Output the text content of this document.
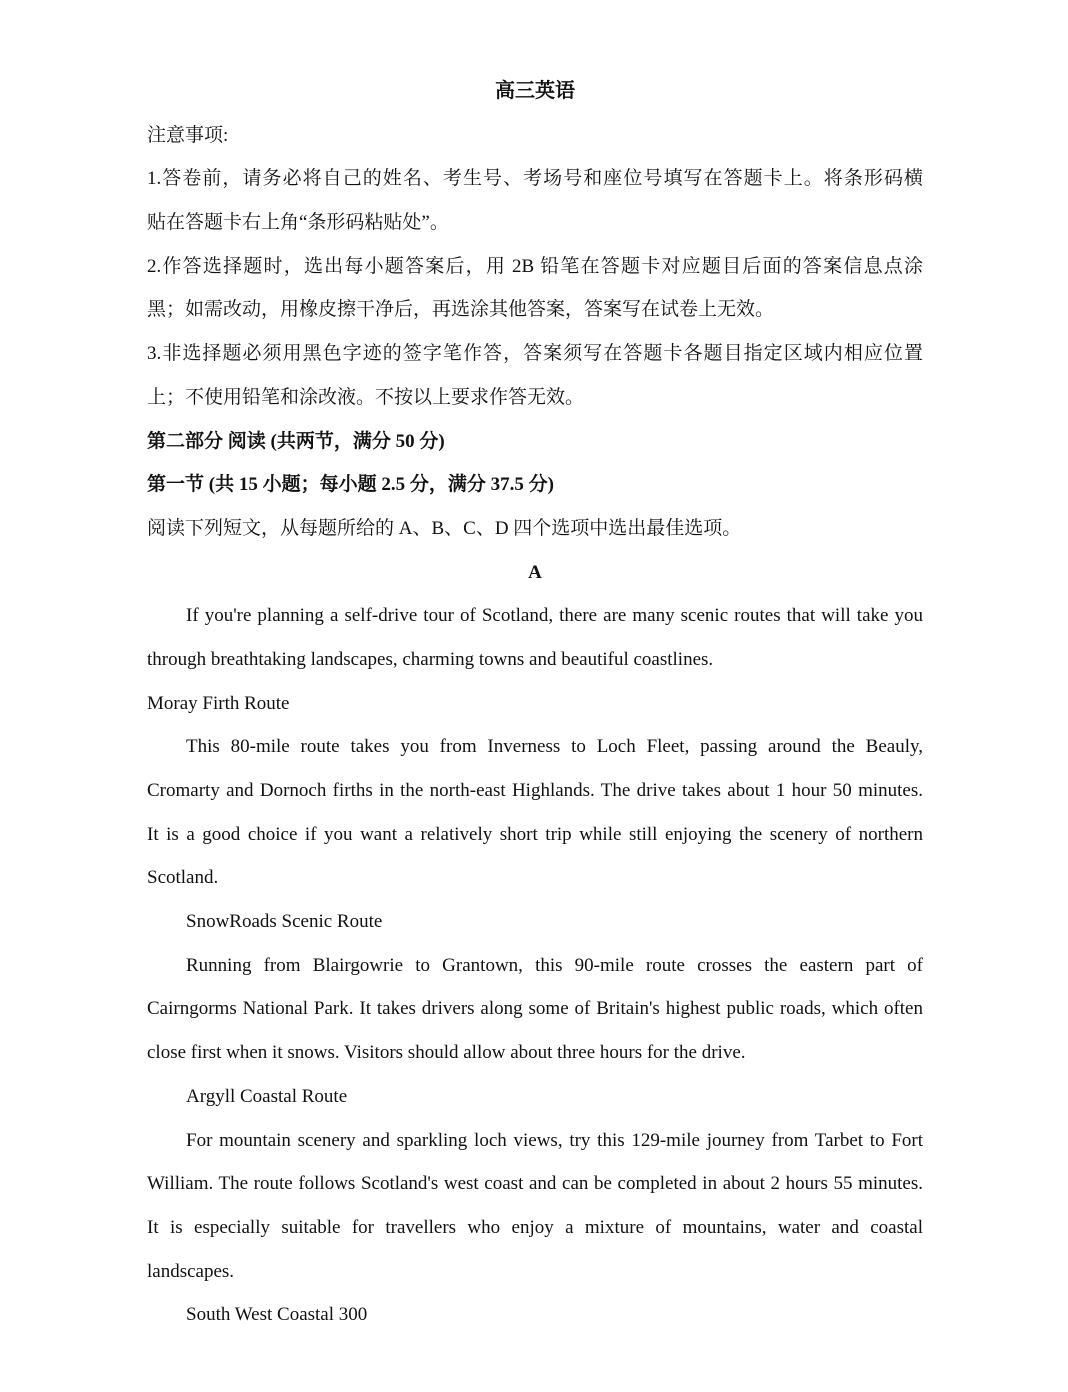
高三英语
注意事项:
1.答卷前，请务必将自己的姓名、考生号、考场号和座位号填写在答题卡上。将条形码横
贴在答题卡右上角“条形码粘贴处”。
2.作答选择题时，选出每小题答案后，用 2B 铅笔在答题卡对应题目后面的答案信息点涂
黑；如需改动，用橡皮擦干净后，再选涂其他答案，答案写在试卷上无效。
3.非选择题必须用黑色字迹的签字笔作答，答案须写在答题卡各题目指定区域内相应位置
上；不使用铅笔和涂改液。不按以上要求作答无效。
第二部分 阅读 (共两节，满分 50 分)
第一节 (共 15 小题；每小题 2.5 分，满分 37.5 分)
阅读下列短文，从每题所给的 A、B、C、D 四个选项中选出最佳选项。
A
If you're planning a self-drive tour of Scotland, there are many scenic routes that will take you
through breathtaking landscapes, charming towns and beautiful coastlines.
Moray Firth Route
This 80-mile route takes you from Inverness to Loch Fleet, passing around the Beauly,
Cromarty and Dornoch firths in the north-east Highlands. The drive takes about 1 hour 50 minutes.
It is a good choice if you want a relatively short trip while still enjoying the scenery of northern
Scotland.
SnowRoads Scenic Route
Running from Blairgowrie to Grantown, this 90-mile route crosses the eastern part of
Cairngorms National Park. It takes drivers along some of Britain's highest public roads, which often
close first when it snows. Visitors should allow about three hours for the drive.
Argyll Coastal Route
For mountain scenery and sparkling loch views, try this 129-mile journey from Tarbet to Fort
William. The route follows Scotland's west coast and can be completed in about 2 hours 55 minutes.
It is especially suitable for travellers who enjoy a mixture of mountains, water and coastal
landscapes.
South West Coastal 300
